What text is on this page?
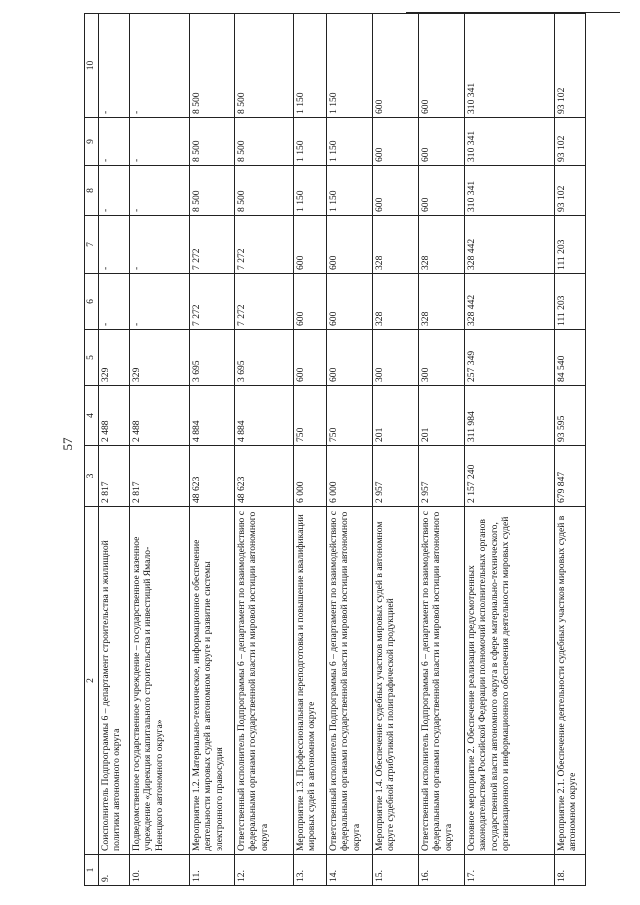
57
1	2	3	4	5	6	7	8	9	10
9.	Соисполнитель Подпрограммы 6 – департамент строительства и жилищной политики автономного округа	2 817	2 488	329	-	-	-	-	-
10.	Подведомственное государственное учреждение – государственное казенное учреждение «Дирекция капитального строительства и инвестиций Ямало-Ненецкого автономного округа»	2 817	2 488	329	-	-	-	-	-
11.	Мероприятие 1.2. Материально-техническое, информационное обеспечение деятельности мировых судей в автономном округе и развитие системы электронного правосудия	48 623	4 884	3 695	7 272	7 272	8 500	8 500	8 500
12.	Ответственный исполнитель Подпрограммы 6 – департамент по взаимодействию с федеральными органами государственной власти и мировой юстиции автономного округа	48 623	4 884	3 695	7 272	7 272	8 500	8 500	8 500
13.	Мероприятие 1.3. Профессиональная переподготовка и повышение квалификации мировых судей в автономном округе	6 000	750	600	600	600	1 150	1 150	1 150
14.	Ответственный исполнитель Подпрограммы 6 – департамент по взаимодействию с федеральными органами государственной власти и мировой юстиции автономного округа	6 000	750	600	600	600	1 150	1 150	1 150
15.	Мероприятие 1.4. Обеспечение судебных участков мировых судей в автономном округе судебной атрибутикой и полиграфической продукцией	2 957	201	300	328	328	600	600	600
16.	Ответственный исполнитель Подпрограммы 6 – департамент по взаимодействию с федеральными органами государственной власти и мировой юстиции автономного округа	2 957	201	300	328	328	600	600	600
17.	Основное мероприятие 2. Обеспечение реализации предусмотренных законодательством Российской Федерации полномочий исполнительных органов государственной власти автономного округа в сфере материально-технического, организационного и информационного обеспечения деятельности мировых судей	2 157 240	311 984	257 349	328 442	328 442	310 341	310 341	310 341
18.	Мероприятие 2.1. Обеспечение деятельности судебных участков мировых судей в автономном округе	679 847	93 595	84 540	111 203	111 203	93 102	93 102	93 102
